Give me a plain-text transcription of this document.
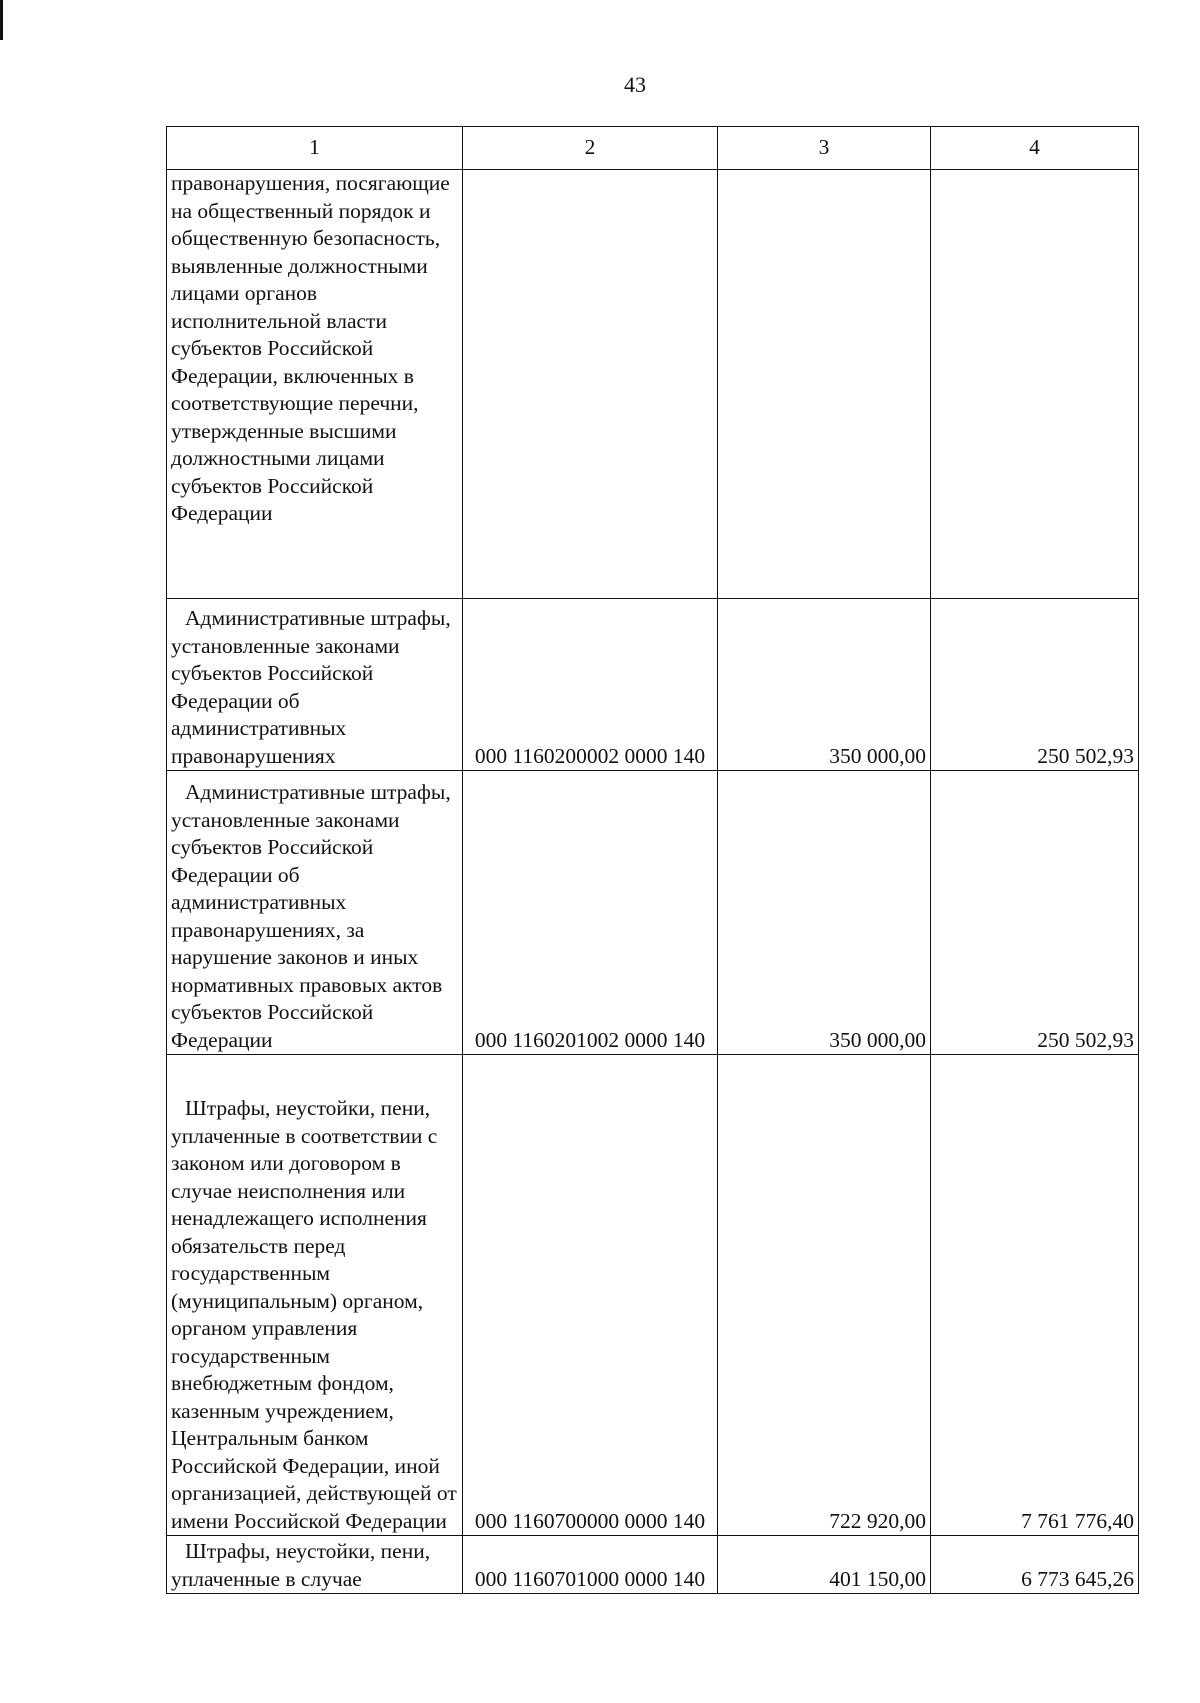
43
1	2	3	4
правонарушения, посягающие на общественный порядок и общественную безопасность, выявленные должностными лицами органов исполнительной власти субъектов Российской Федерации, включенных в соответствующие перечни, утвержденные высшими должностными лицами субъектов Российской Федерации			
Административные штрафы, установленные законами субъектов Российской Федерации об административных правонарушениях	000 1160200002 0000 140	350 000,00	250 502,93
Административные штрафы, установленные законами субъектов Российской Федерации об административных правонарушениях, за нарушение законов и иных нормативных правовых актов субъектов Российской Федерации	000 1160201002 0000 140	350 000,00	250 502,93
Штрафы, неустойки, пени, уплаченные в соответствии с законом или договором в случае неисполнения или ненадлежащего исполнения обязательств перед государственным (муниципальным) органом, органом управления государственным внебюджетным фондом, казенным учреждением, Центральным банком Российской Федерации, иной организацией, действующей от имени Российской Федерации	000 1160700000 0000 140	722 920,00	7 761 776,40
Штрафы, неустойки, пени, уплаченные в случае	000 1160701000 0000 140	401 150,00	6 773 645,26
